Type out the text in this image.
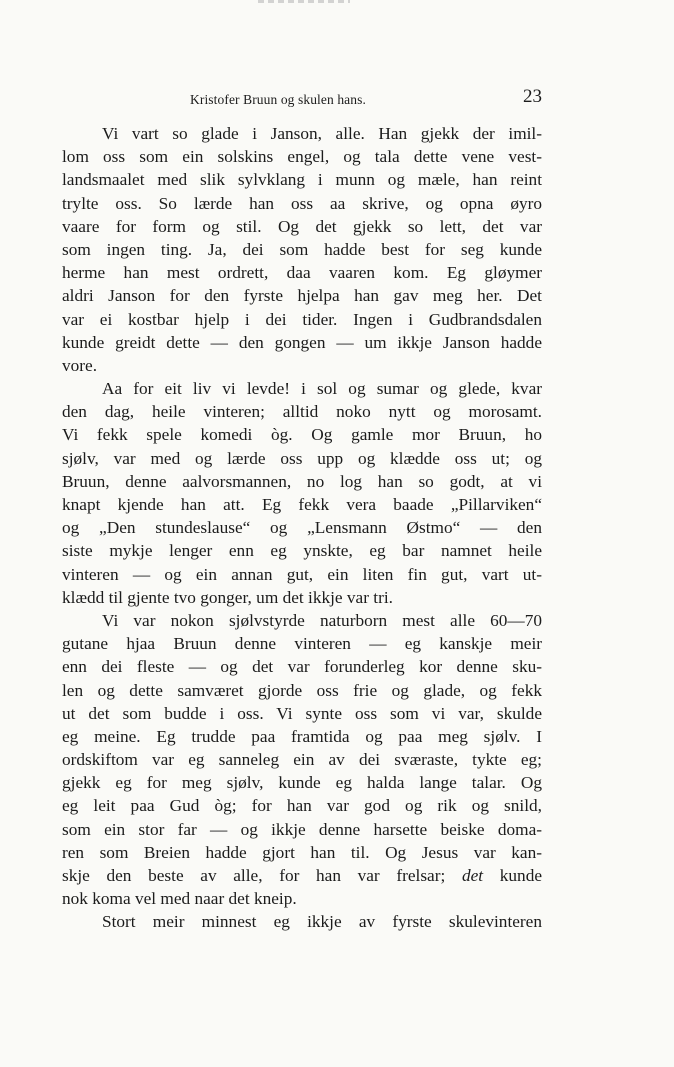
Kristofer Bruun og skulen hans.	23
Vi vart so glade i Janson, alle. Han gjekk der imil-
lom oss som ein solskins engel, og tala dette vene vest-
landsmaalet med slik sylvklang i munn og mæle, han reint
trylte oss. So lærde han oss aa skrive, og opna øyro
vaare for form og stil. Og det gjekk so lett, det var
som ingen ting. Ja, dei som hadde best for seg kunde
herme han mest ordrett, daa vaaren kom. Eg gløymer
aldri Janson for den fyrste hjelpa han gav meg her. Det
var ei kostbar hjelp i dei tider. Ingen i Gudbrandsdalen
kunde greidt dette — den gongen — um ikkje Janson hadde
vore.
Aa for eit liv vi levde! i sol og sumar og glede, kvar
den dag, heile vinteren; alltid noko nytt og morosamt.
Vi fekk spele komedi òg. Og gamle mor Bruun, ho
sjølv, var med og lærde oss upp og klædde oss ut; og
Bruun, denne aalvorsmannen, no log han so godt, at vi
knapt kjende han att. Eg fekk vera baade „Pillarviken“
og „Den stundeslause“ og „Lensmann Østmo“ — den
siste mykje lenger enn eg ynskte, eg bar namnet heile
vinteren — og ein annan gut, ein liten fin gut, vart ut-
klædd til gjente tvo gonger, um det ikkje var tri.
Vi var nokon sjølvstyrde naturborn mest alle 60—70
gutane hjaa Bruun denne vinteren — eg kanskje meir
enn dei fleste — og det var forunderleg kor denne sku-
len og dette samværet gjorde oss frie og glade, og fekk
ut det som budde i oss. Vi synte oss som vi var, skulde
eg meine. Eg trudde paa framtida og paa meg sjølv. I
ordskiftom var eg sanneleg ein av dei sværaste, tykte eg;
gjekk eg for meg sjølv, kunde eg halda lange talar. Og
eg leit paa Gud òg; for han var god og rik og snild,
som ein stor far — og ikkje denne harsette beiske doma-
ren som Breien hadde gjort han til. Og Jesus var kan-
skje den beste av alle, for han var frelsar; det kunde
nok koma vel med naar det kneip.
Stort meir minnest eg ikkje av fyrste skulevinteren
